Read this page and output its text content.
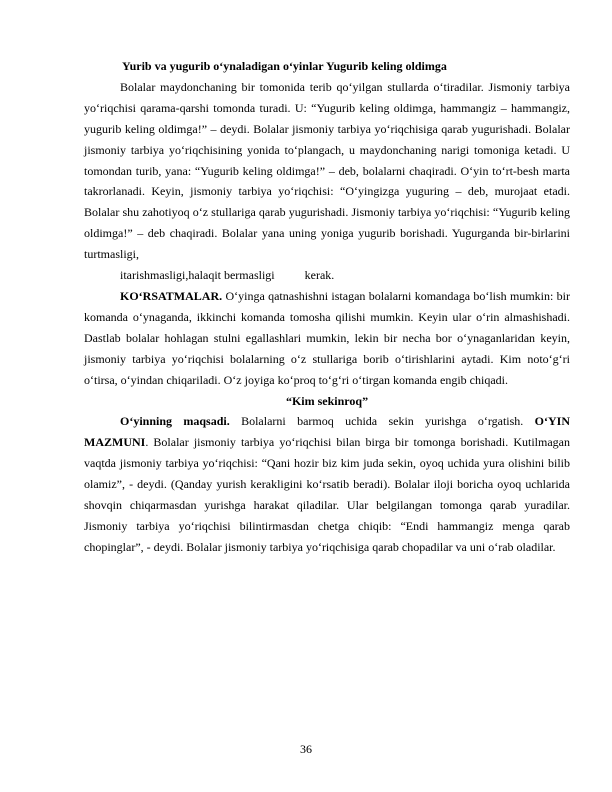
Yurib va yugurib o‘ynaladigan o‘yinlar Yugurib keling oldimga

Bolalar maydonchaning bir tomonida terib qo‘yilgan stullarda o‘tiradilar. Jismoniy tarbiya yo‘riqchisi qarama-qarshi tomonda turadi. U: “Yugurib keling oldimga, hammangiz – hammangiz, yugurib keling oldimga!” – deydi. Bolalar jismoniy tarbiya yo‘riqchisiga qarab yugurishadi. Bolalar jismoniy tarbiya yo‘riqchisining yonida to‘plangach, u maydonchaning narigi tomoniga ketadi. U tomondan turib, yana: “Yugurib keling oldimga!” – deb, bolalarni chaqiradi. O‘yin to‘rt-besh marta takrorlanadi. Keyin, jismoniy tarbiya yo‘riqchisi: “O‘yingizga yuguring – deb, murojaat etadi. Bolalar shu zahotiyoq o‘z stullariga qarab yugurishadi. Jismoniy tarbiya yo‘riqchisi: “Yugurib keling oldimga!” – deb chaqiradi. Bolalar yana uning yoniga yugurib borishadi. Yugurganda bir-birlarini turtmasligi,

itarishmasligi,halaqit bermasligi	kerak.

KO‘RSATMALAR. O‘yinga qatnashishni istagan bolalarni komandaga bo‘lish mumkin: bir komanda o‘ynaganda, ikkinchi komanda tomosha qilishi mumkin. Keyin ular o‘rin almashishadi. Dastlab bolalar hohlagan stulni egallashlari mumkin, lekin bir necha bor o‘ynaganlaridan keyin, jismoniy tarbiya yo‘riqchisi bolalarning o‘z stullariga borib o‘tirishlarini aytadi. Kim noto‘g‘ri o‘tirsa, o‘yindan chiqariladi. O‘z joyiga ko‘proq to‘g‘ri o‘tirgan komanda engib chiqadi.

“Kim sekinroq”

O‘yinning maqsadi. Bolalarni barmoq uchida sekin yurishga o‘rgatish. O‘YIN MAZMUNI. Bolalar jismoniy tarbiya yo‘riqchisi bilan birga bir tomonga borishadi. Kutilmagan vaqtda jismoniy tarbiya yo‘riqchisi: “Qani hozir biz kim juda sekin, oyoq uchida yura olishini bilib olamiz”, - deydi. (Qanday yurish kerakligini ko‘rsatib beradi). Bolalar iloji boricha oyoq uchlarida shovqin chiqarmasdan yurishga harakat qiladilar. Ular belgilangan tomonga qarab yuradilar. Jismoniy tarbiya yo‘riqchisi bilintirmasdan chetga chiqib: “Endi hammangiz menga qarab chopinglar”, - deydi. Bolalar jismoniy tarbiya yo‘riqchisiga qarab chopadilar va uni o‘rab oladilar.

36
